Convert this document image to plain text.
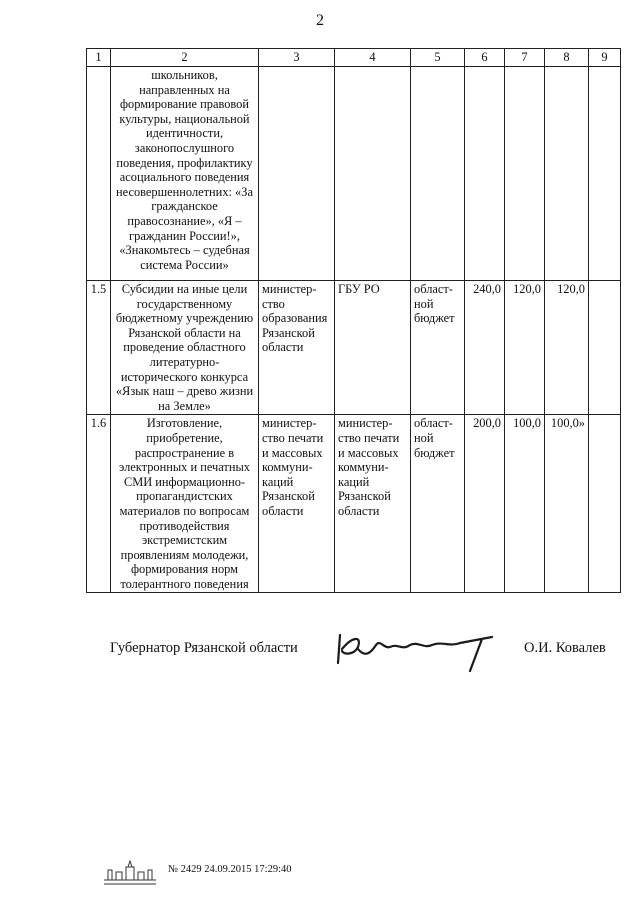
2
1	2	3	4	5	6	7	8	9
	школьников, направленных на формирование правовой культуры, национальной идентичности, законопослушного поведения, профилактику асоциального поведения несовершеннолетних: «За гражданское правосознание», «Я – гражданин России!», «Знакомьтесь – судебная система России»							
1.5	Субсидии на иные цели государственному бюджетному учреждению Рязанской области на проведение областного литературно-исторического конкурса «Язык наш – древо жизни на Земле»	министер-ство образования Рязанской области	ГБУ РО	област-ной бюджет	240,0	120,0	120,0	
1.6	Изготовление, приобретение, распространение в электронных и печатных СМИ информационно-пропагандистских материалов по вопросам противодействия экстремистским проявлениям молодежи, формирования норм толерантного поведения	министер-ство печати и массовых коммуни-каций Рязанской области	министер-ство печати и массовых коммуни-каций Рязанской области	област-ной бюджет	200,0	100,0	100,0»	
Губернатор Рязанской области	О.И. Ковалев
№ 2429 24.09.2015 17:29:40
